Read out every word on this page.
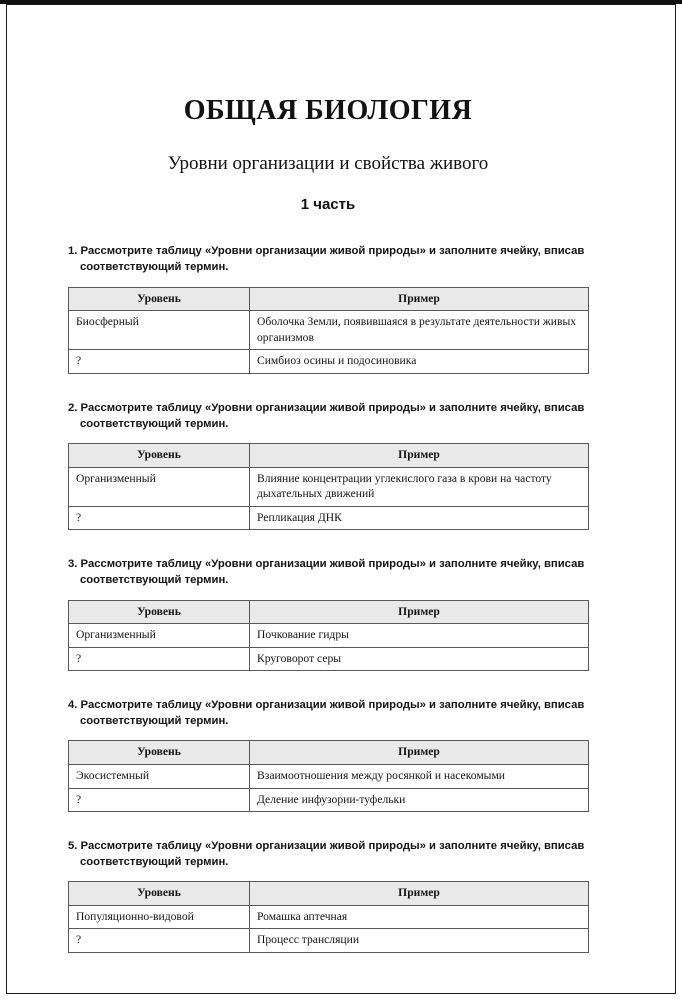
ОБЩАЯ БИОЛОГИЯ
Уровни организации и свойства живого
1 часть

1. Рассмотрите таблицу «Уровни организации живой природы» и заполните ячейку, вписав соответствующий термин.

Уровень	Пример
Биосферный	Оболочка Земли, появившаяся в результате деятельности живых организмов
?	Симбиоз осины и подосиновика

2. Рассмотрите таблицу «Уровни организации живой природы» и заполните ячейку, вписав соответствующий термин.

Уровень	Пример
Организменный	Влияние концентрации углекислого газа в крови на частоту дыхательных движений
?	Репликация ДНК

3. Рассмотрите таблицу «Уровни организации живой природы» и заполните ячейку, вписав соответствующий термин.

Уровень	Пример
Организменный	Почкование гидры
?	Круговорот серы

4. Рассмотрите таблицу «Уровни организации живой природы» и заполните ячейку, вписав соответствующий термин.

Уровень	Пример
Экосистемный	Взаимоотношения между росянкой и насекомыми
?	Деление инфузории-туфельки

5. Рассмотрите таблицу «Уровни организации живой природы» и заполните ячейку, вписав соответствующий термин.

Уровень	Пример
Популяционно-видовой	Ромашка аптечная
?	Процесс трансляции
